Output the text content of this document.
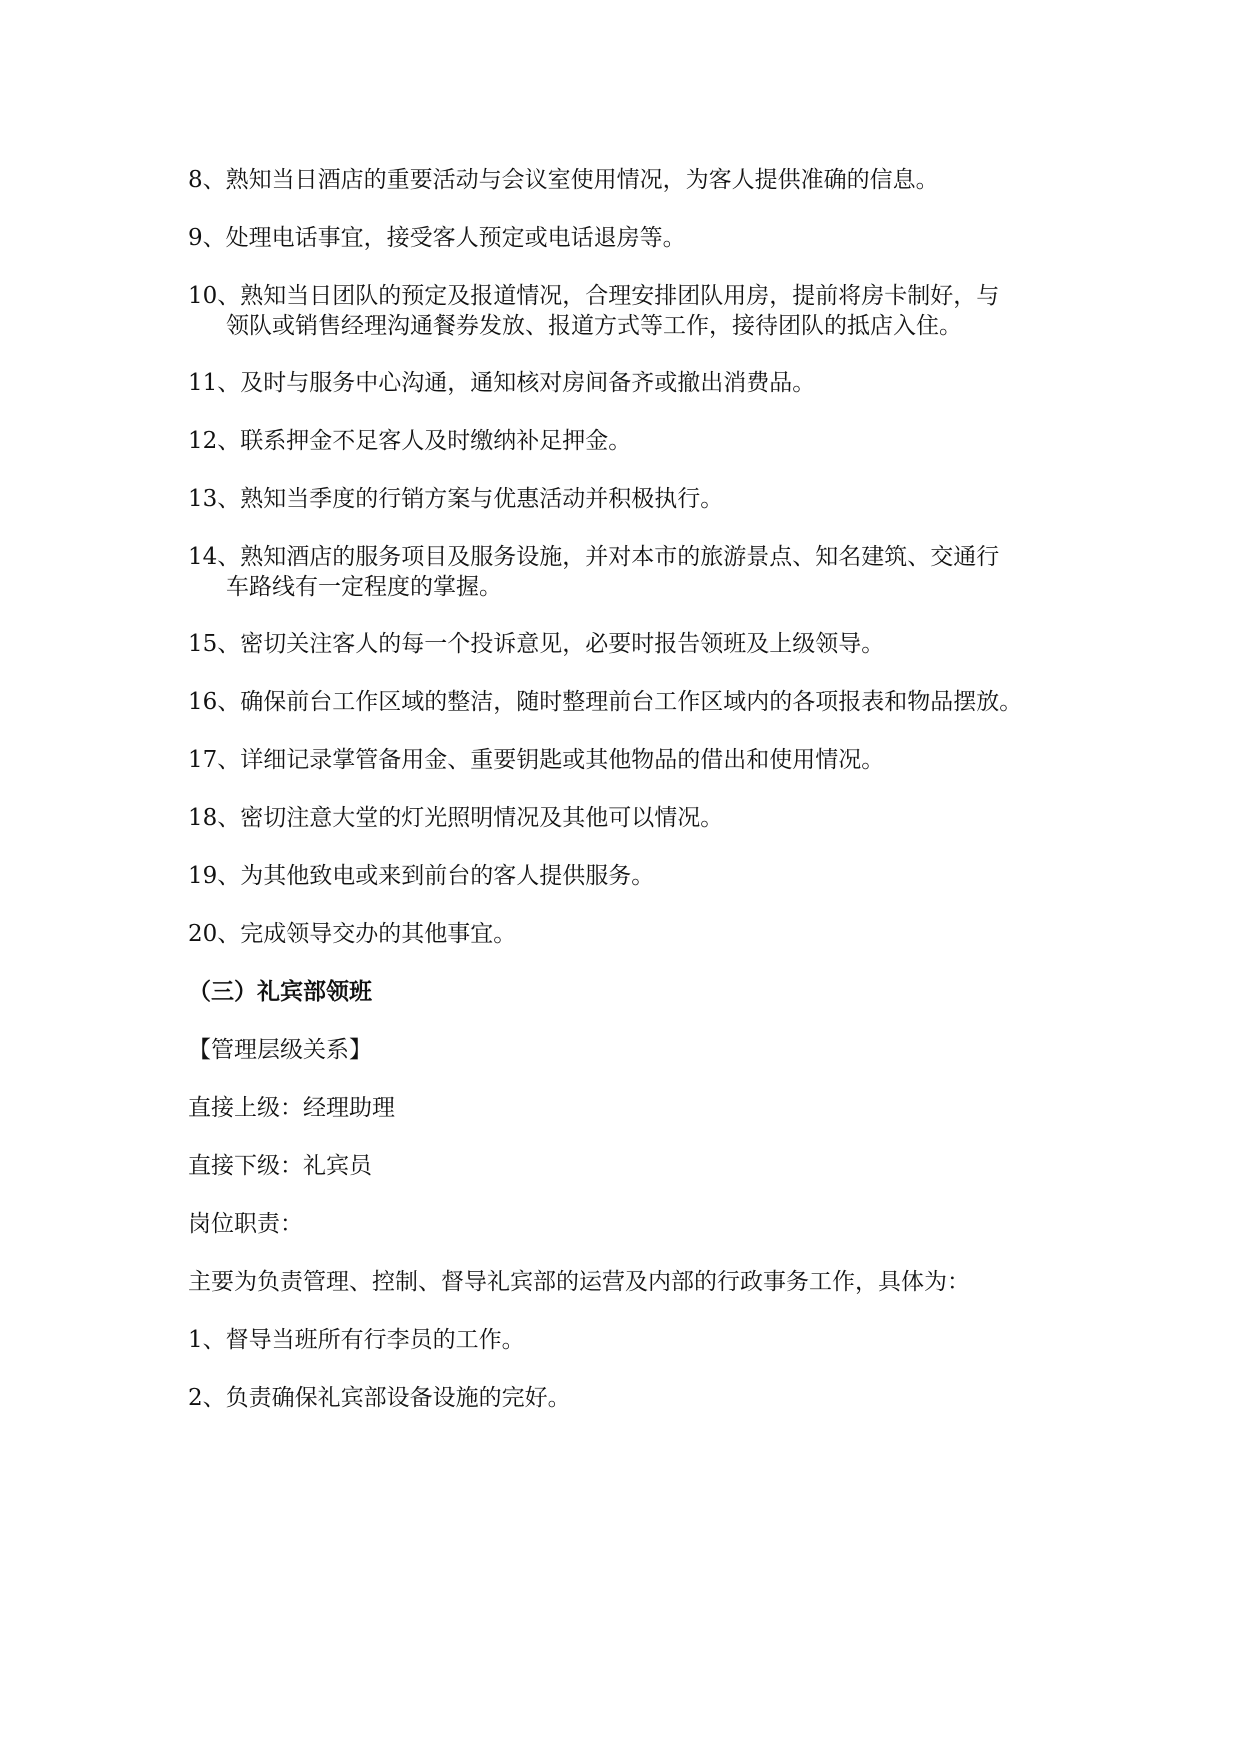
8、熟知当日酒店的重要活动与会议室使用情况，为客人提供准确的信息。
9、处理电话事宜，接受客人预定或电话退房等。
10、熟知当日团队的预定及报道情况，合理安排团队用房，提前将房卡制好，与
领队或销售经理沟通餐券发放、报道方式等工作，接待团队的抵店入住。
11、及时与服务中心沟通，通知核对房间备齐或撤出消费品。
12、联系押金不足客人及时缴纳补足押金。
13、熟知当季度的行销方案与优惠活动并积极执行。
14、熟知酒店的服务项目及服务设施，并对本市的旅游景点、知名建筑、交通行
车路线有一定程度的掌握。
15、密切关注客人的每一个投诉意见，必要时报告领班及上级领导。
16、确保前台工作区域的整洁，随时整理前台工作区域内的各项报表和物品摆放。
17、详细记录掌管备用金、重要钥匙或其他物品的借出和使用情况。
18、密切注意大堂的灯光照明情况及其他可以情况。
19、为其他致电或来到前台的客人提供服务。
20、完成领导交办的其他事宜。
（三）礼宾部领班
【管理层级关系】
直接上级：经理助理
直接下级：礼宾员
岗位职责：
主要为负责管理、控制、督导礼宾部的运营及内部的行政事务工作，具体为：
1、督导当班所有行李员的工作。
2、负责确保礼宾部设备设施的完好。
